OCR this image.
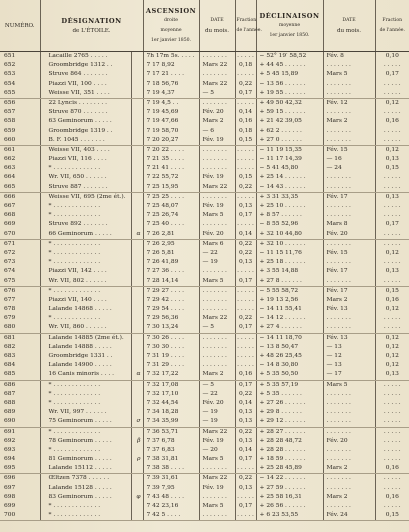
NUMÉRO.	DÉSIGNATION
de L'ÉTOILE.		ASCENSION
droite
moyenne
1er janvier 1850.	DATE
du mois.	Fraction
de l'année.	DÉCLINAISON
moyenne
1er janvier 1850.	DATE
du mois.	Fraction
de l'année.

651	Lacaille 2765 . . . . .		7h 17m 5s. . . . .	. . . . . . .	. . . . .	− 52° 19′ 58,52	Fév. 8	0,10
652	Groombridge 1312 . .		7 17 8,92	Mars 22	0,18	+ 44 45 . . . . . .	. . . . . . .	. . . . .
653	Struve 864 . . . . . . .		7 17 21 . . . .	. . . . . . .	. . . . .	+ 5 45 15,89	Mars 5	0,17
654	Piazzi VII, 100 . . . .		7 18 56,76	Mars 22	0,22	− 13 56 . . . . . .	. . . . . . .	. . . . .
655	Weisse VII, 351 . . . .		7 19 4,37	— 5	0,17	+ 19 55 . . . . . .	. . . . . . .	. . . . .
656	22 Lyncis . . . . . . . .		7 19 4,5 . .	. . . . . . .	. . . . .	+ 49 50 42,32	Fév. 12	0,12
657	Struve 870 . . . . . . .		7 19 45,69	Fév. 20	0,14	+ 59 15 . . . . . .	. . . . . . .	. . . . .
658	63 Geminorum . . . . .		7 19 47,66	Mars 2	0,16	+ 21 42 39,05	Mars 2	0,16
659	Groombridge 1319 . .		7 19 58,70	— 6	0,18	+ 62 2 . . . . . .	. . . . . . .	. . . . .
660	B. F. 1045 . . . . . . .		7 20 20,27	Fév. 19	0,15	+ 27 0 . . . . . .	. . . . . . .	. . . . .
661	Weisse VII, 403 . . . .		7 20 22 . . . .	. . . . . . .	. . . . .	− 11 19 15,35	Fév. 15	0,12
662	Piazzi VII, 116 . . . .		7 21 35 . . . .	. . . . . . .	. . . . .	− 11 17 14,39	— 16	0,13
663	* . . . . . . . . . . . . .		7 21 41 . . . .	. . . . . . .	. . . . .	− 5 41 45,80	— 24	0,15
664	Wr. VII, 650 . . . . . .		7 22 55,72	Fév. 19	0,15	+ 25 14 . . . . . .	. . . . . . .	. . . . .
665	Struve 887 . . . . . . .		7 25 15,95	Mars 22	0,22	− 14 43 . . . . . .	. . . . . . .	. . . . .
666	Weisse VII, 695 (2me ét.).		7 25 25 . . . .	. . . . . . .	. . . . .	+ 3 31 33,35	Fév. 17	0,13
667	* . . . . . . . . . . . . .		7 25 48,07	Fév. 19	0,13	+ 25 10 . . . . . .	. . . . . . .	. . . . .
668	* . . . . . . . . . . . . .		7 25 26,74	Mars 5	0,17	+ 8 57 . . . . . .	. . . . . . .	. . . . .
669	Struve 892 . . . . . . .		7 25 40 . . . .	. . . . . . .	. . . . .	− 8 55 52,96	Mars 8	0,17
670	66 Geminorum . . . . .	α	7 26 2,81	Fév. 20	0,14	+ 32 10 44,80	Fév. 20	. . . . .
671	* . . . . . . . . . . . . .		7 26 2,95	Mars 6	0,22	+ 32 10 . . . . . .	. . . . . . .	. . . . .
672	* . . . . . . . . . . . . .		7 26 5,81	— 22	0,22	− 11 15 11,76	Fév. 15	0,12
673	* . . . . . . . . . . . . .		7 26 41,89	— 19	0,13	+ 25 18 . . . . . .	. . . . . . .	. . . . .
674	Piazzi VII, 142 . . . .		7 27 36 . . . .	. . . . . . .	. . . . .	+ 3 55 14,88	Fév. 17	0,13
675	Wr. VII, 802 . . . . . .		7 28 14,14	Mars 5	0,17	+ 27 8 . . . . . .	. . . . . . .	. . . . .
676	* . . . . . . . . . . . . .		7 29 27 . . . .	. . . . . . .	. . . . .	− 5 55 58,72	Fév. 17	0,15
677	Piazzi VII, 140 . . . .		7 29 42 . . . .	. . . . . . .	. . . . .	+ 19 13 2,56	Mars 2	0,16
678	Lalande 14868 . . . . .		7 29 54 . . . .	. . . . . . .	. . . . .	− 14 11 55,41	Fév. 13	0,12
679	* . . . . . . . . . . . . .		7 29 56,36	Mars 22	0,22	− 14 12 . . . . . .	. . . . . . .	. . . . .
680	Wr. VII, 860 . . . . . .		7 30 13,24	— 5	0,17	+ 27 4 . . . . . .	. . . . . . .	. . . . .
681	Lalande 14885 (2me ét.).		7 30 26 . . . .	. . . . . . .	. . . . .	− 14 11 18,70	Fév. 13	0,12
682	Lalande 14888 . . . . .		7 30 30 . . . .	. . . . . . .	. . . . .	− 13 8 50,47	— 13	0,12
683	Groombridge 1331 . .		7 31 19 . . . .	. . . . . . .	. . . . .	+ 48 26 25,45	— 12	0,12
684	Lalande 14900 . . . . .		7 31 29 . . . .	. . . . . . .	. . . . .	− 14 8 30,80	— 13	0,12
685	16 Canis minoris . . . .	α	7 32 17,22	Mars 2	0,16	+ 5 35 50,50	— 17	0,13
686	* . . . . . . . . . . . . .		7 32 17,08	— 5	0,17	+ 5 35 57,19	Mars 5	. . . . .
687	* . . . . . . . . . . . . .		7 32 17,10	— 22	0,22	+ 5 35 . . . . . .	. . . . . . .	. . . . .
688	* . . . . . . . . . . . . .		7 32 44,54	Fév. 20	0,14	+ 27 26 . . . . . .	. . . . . . .	. . . . .
689	Wr. VII, 997 . . . . . .		7 34 18,28	— 19	0,13	+ 29 8 . . . . . .	. . . . . . .	. . . . .
690	75 Geminorum . . . . .	σ	7 34 35,99	— 19	0,13	+ 29 12 . . . . . .	. . . . . . .	. . . . .
691	* . . . . . . . . . . . . .		7 36 53,71	Mars 22	0,22	+ 28 27 . . . . . .	. . . . . . .	. . . . .
692	78 Geminorum . . . . .	β	7 37 6,78	Fév. 19	0,13	+ 28 28 48,72	Fév. 20	. . . . .
693	* . . . . . . . . . . . . .		7 37 6,83	— 20	0,14	+ 28 28 . . . . . .	. . . . . . .	. . . . .
694	81 Geminorum . . . . .	ρ	7 38 31,81	Mars 5	0,17	+ 18 59 . . . . . .	. . . . . . .	. . . . .
695	Lalande 15112 . . . . .		7 38 38 . . . .	. . . . . . .	. . . . .	+ 25 28 45,89	Mars 2	0,16
696	Œltzen 7378 . . . . . .		7 39 31,61	Mars 22	0,22	− 14 22 . . . . . .	. . . . . . .	. . . . .
697	Lalande 15128 . . . . .		7 39 7,95	Fév. 19	0,13	+ 27 59 . . . . . .	. . . . . . .	. . . . .
698	83 Geminorum . . . . .	φ	7 43 48 . . . .	. . . . . . .	. . . . .	+ 25 58 16,31	Mars 2	0,16
699	* . . . . . . . . . . . . .		7 42 23,16	Mars 5	0,17	+ 26 56 . . . . . .	. . . . . . .	. . . . .
700	* . . . . . . . . . . . . .		7 42 5 . . . .	. . . . . . .	. . . . .	+ 6 23 53,55	Fév. 24	0,15
